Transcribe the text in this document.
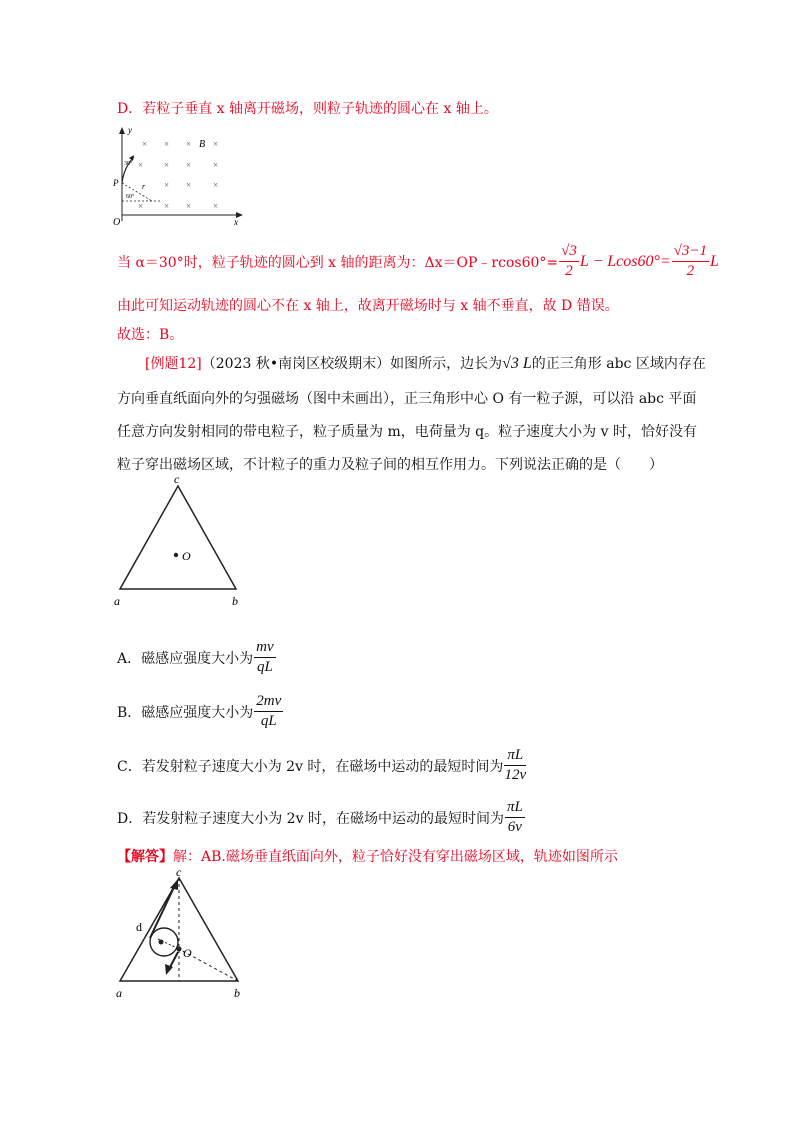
D．若粒子垂直 x 轴离开磁场，则粒子轨迹的圆心在 x 轴上。
y
x
O
P
× × × ×
× × × ×
× × ×
× × × ×
B
r
30°
60°
当 α＝30°时，粒子轨迹的圆心到 x 轴的距离为：Δx＝OP﹣rcos60°= $\frac{√3}{2}$ $L - Lcos60^\circ= \frac{√3-1}{2}$ L
由此可知运动轨迹的圆心不在 x 轴上，故离开磁场时与 x 轴不垂直，故 D 错误。
故选：B。
[例题12]（2023 秋•南岗区校级期末）如图所示，边长为√3 L的正三角形 abc 区域内存在
方向垂直纸面向外的匀强磁场（图中未画出），正三角形中心 O 有一粒子源，可以沿 abc 平面
任意方向发射相同的带电粒子，粒子质量为 m，电荷量为 q。粒子速度大小为 v 时，恰好没有
粒子穿出磁场区域，不计粒子的重力及粒子间的相互作用力。下列说法正确的是（　　）
O
c
a	b
A．磁感应强度大小为 $\frac{mv}{qL}$
B．磁感应强度大小为 $\frac{2mv}{qL}$
C．若发射粒子速度大小为 2v 时，在磁场中运动的最短时间为 $\frac{\pi L}{12v}$
D．若发射粒子速度大小为 2v 时，在磁场中运动的最短时间为 $\frac{\pi L}{6v}$
【解答】解：AB.磁场垂直纸面向外，粒子恰好没有穿出磁场区域，轨迹如图所示
c
d
O
a	b
